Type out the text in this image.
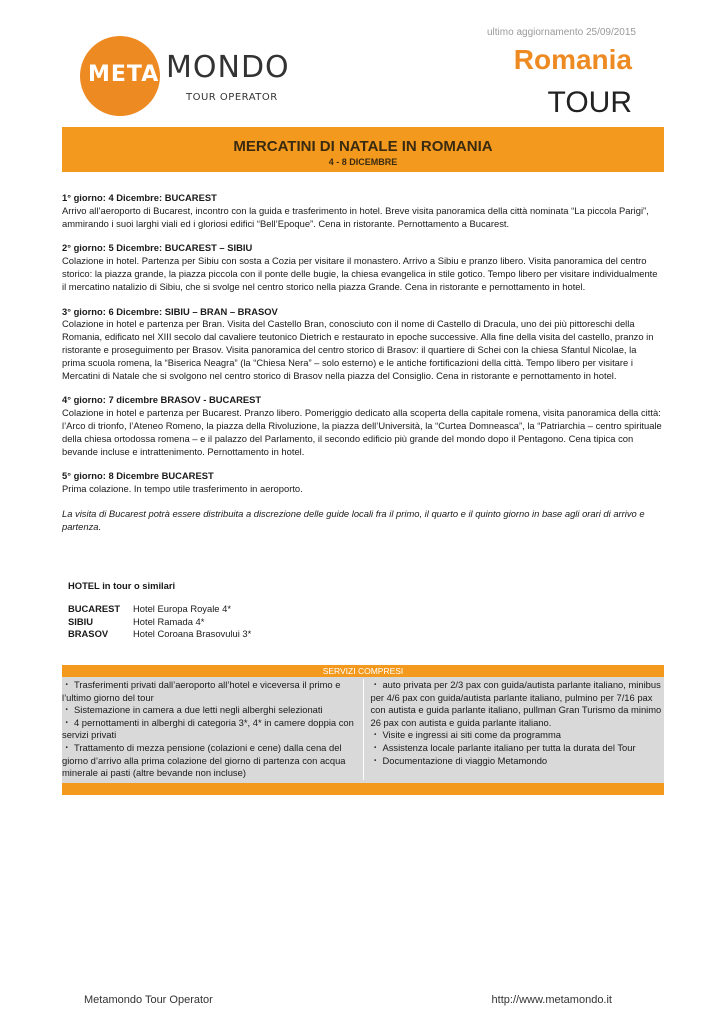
META MONDO
TOUR OPERATOR
ultimo aggiornamento 25/09/2015
Romania
TOUR
MERCATINI DI NATALE IN ROMANIA
4 - 8 DICEMBRE
1° giorno: 4 Dicembre: BUCAREST
Arrivo all’aeroporto di Bucarest, incontro con la guida e trasferimento in hotel. Breve visita panoramica della città nominata “La piccola Parigi”, ammirando i suoi larghi viali ed i gloriosi edifici “Bell’Epoque”. Cena in ristorante. Pernottamento a Bucarest.
2° giorno: 5 Dicembre: BUCAREST – SIBIU
Colazione in hotel. Partenza per Sibiu con sosta a Cozia per visitare il monastero. Arrivo a Sibiu e pranzo libero. Visita panoramica del centro storico: la piazza grande, la piazza piccola con il ponte delle bugie, la chiesa evangelica in stile gotico. Tempo libero per visitare individualmente il mercatino natalizio di Sibiu, che si svolge nel centro storico nella piazza Grande. Cena in ristorante e pernottamento in hotel.
3° giorno: 6 Dicembre: SIBIU – BRAN – BRASOV
Colazione in hotel e partenza per Bran. Visita del Castello Bran, conosciuto con il nome di Castello di Dracula, uno dei più pittoreschi della Romania, edificato nel XIII secolo dal cavaliere teutonico Dietrich e restaurato in epoche successive. Alla fine della visita del castello, pranzo in ristorante e proseguimento per Brasov. Visita panoramica del centro storico di Brasov: il quartiere di Schei con la chiesa Sfantul Nicolae, la prima scuola romena, la “Biserica Neagra” (la “Chiesa Nera” – solo esterno) e le antiche fortificazioni della città. Tempo libero per visitare i Mercatini di Natale che si svolgono nel centro storico di Brasov nella piazza del Consiglio. Cena in ristorante e pernottamento in hotel.
4° giorno: 7 dicembre BRASOV - BUCAREST
Colazione in hotel e partenza per Bucarest. Pranzo libero. Pomeriggio dedicato alla scoperta della capitale romena, visita panoramica della città: l’Arco di trionfo, l’Ateneo Romeno, la piazza della Rivoluzione, la piazza dell’Università, la “Curtea Domneasca”, la “Patriarchia – centro spirituale della chiesa ortodossa romena – e il palazzo del Parlamento, il secondo edificio più grande del mondo dopo il Pentagono. Cena tipica con bevande incluse e intrattenimento. Pernottamento in hotel.
5° giorno: 8 Dicembre BUCAREST
Prima colazione. In tempo utile trasferimento in aeroporto.
La visita di Bucarest potrà essere distribuita a discrezione delle guide locali fra il primo, il quarto e il quinto giorno in base agli orari di arrivo e partenza.
HOTEL in tour o similari
BUCAREST	Hotel Europa Royale 4*
SIBIU	Hotel Ramada 4*
BRASOV	Hotel Coroana Brasovului 3*
SERVIZI COMPRESI
・ Trasferimenti privati dall’aeroporto all’hotel e viceversa il primo e l’ultimo giorno del tour
・ Sistemazione in camera a due letti negli alberghi selezionati
・ 4 pernottamenti in alberghi di categoria 3*, 4* in camere doppia con servizi privati
・ Trattamento di mezza pensione (colazioni e cene) dalla cena del giorno d’arrivo alla prima colazione del giorno di partenza con acqua minerale ai pasti (altre bevande non incluse)
・ auto privata per 2/3 pax con guida/autista parlante italiano, minibus per 4/6 pax con guida/autista parlante italiano, pulmino per 7/16 pax con autista e guida parlante italiano, pullman Gran Turismo da minimo 26 pax con autista e guida parlante italiano.
・ Visite e ingressi ai siti come da programma
・ Assistenza locale parlante italiano per tutta la durata del Tour
・ Documentazione di viaggio Metamondo
Metamondo Tour Operator	http://www.metamondo.it
